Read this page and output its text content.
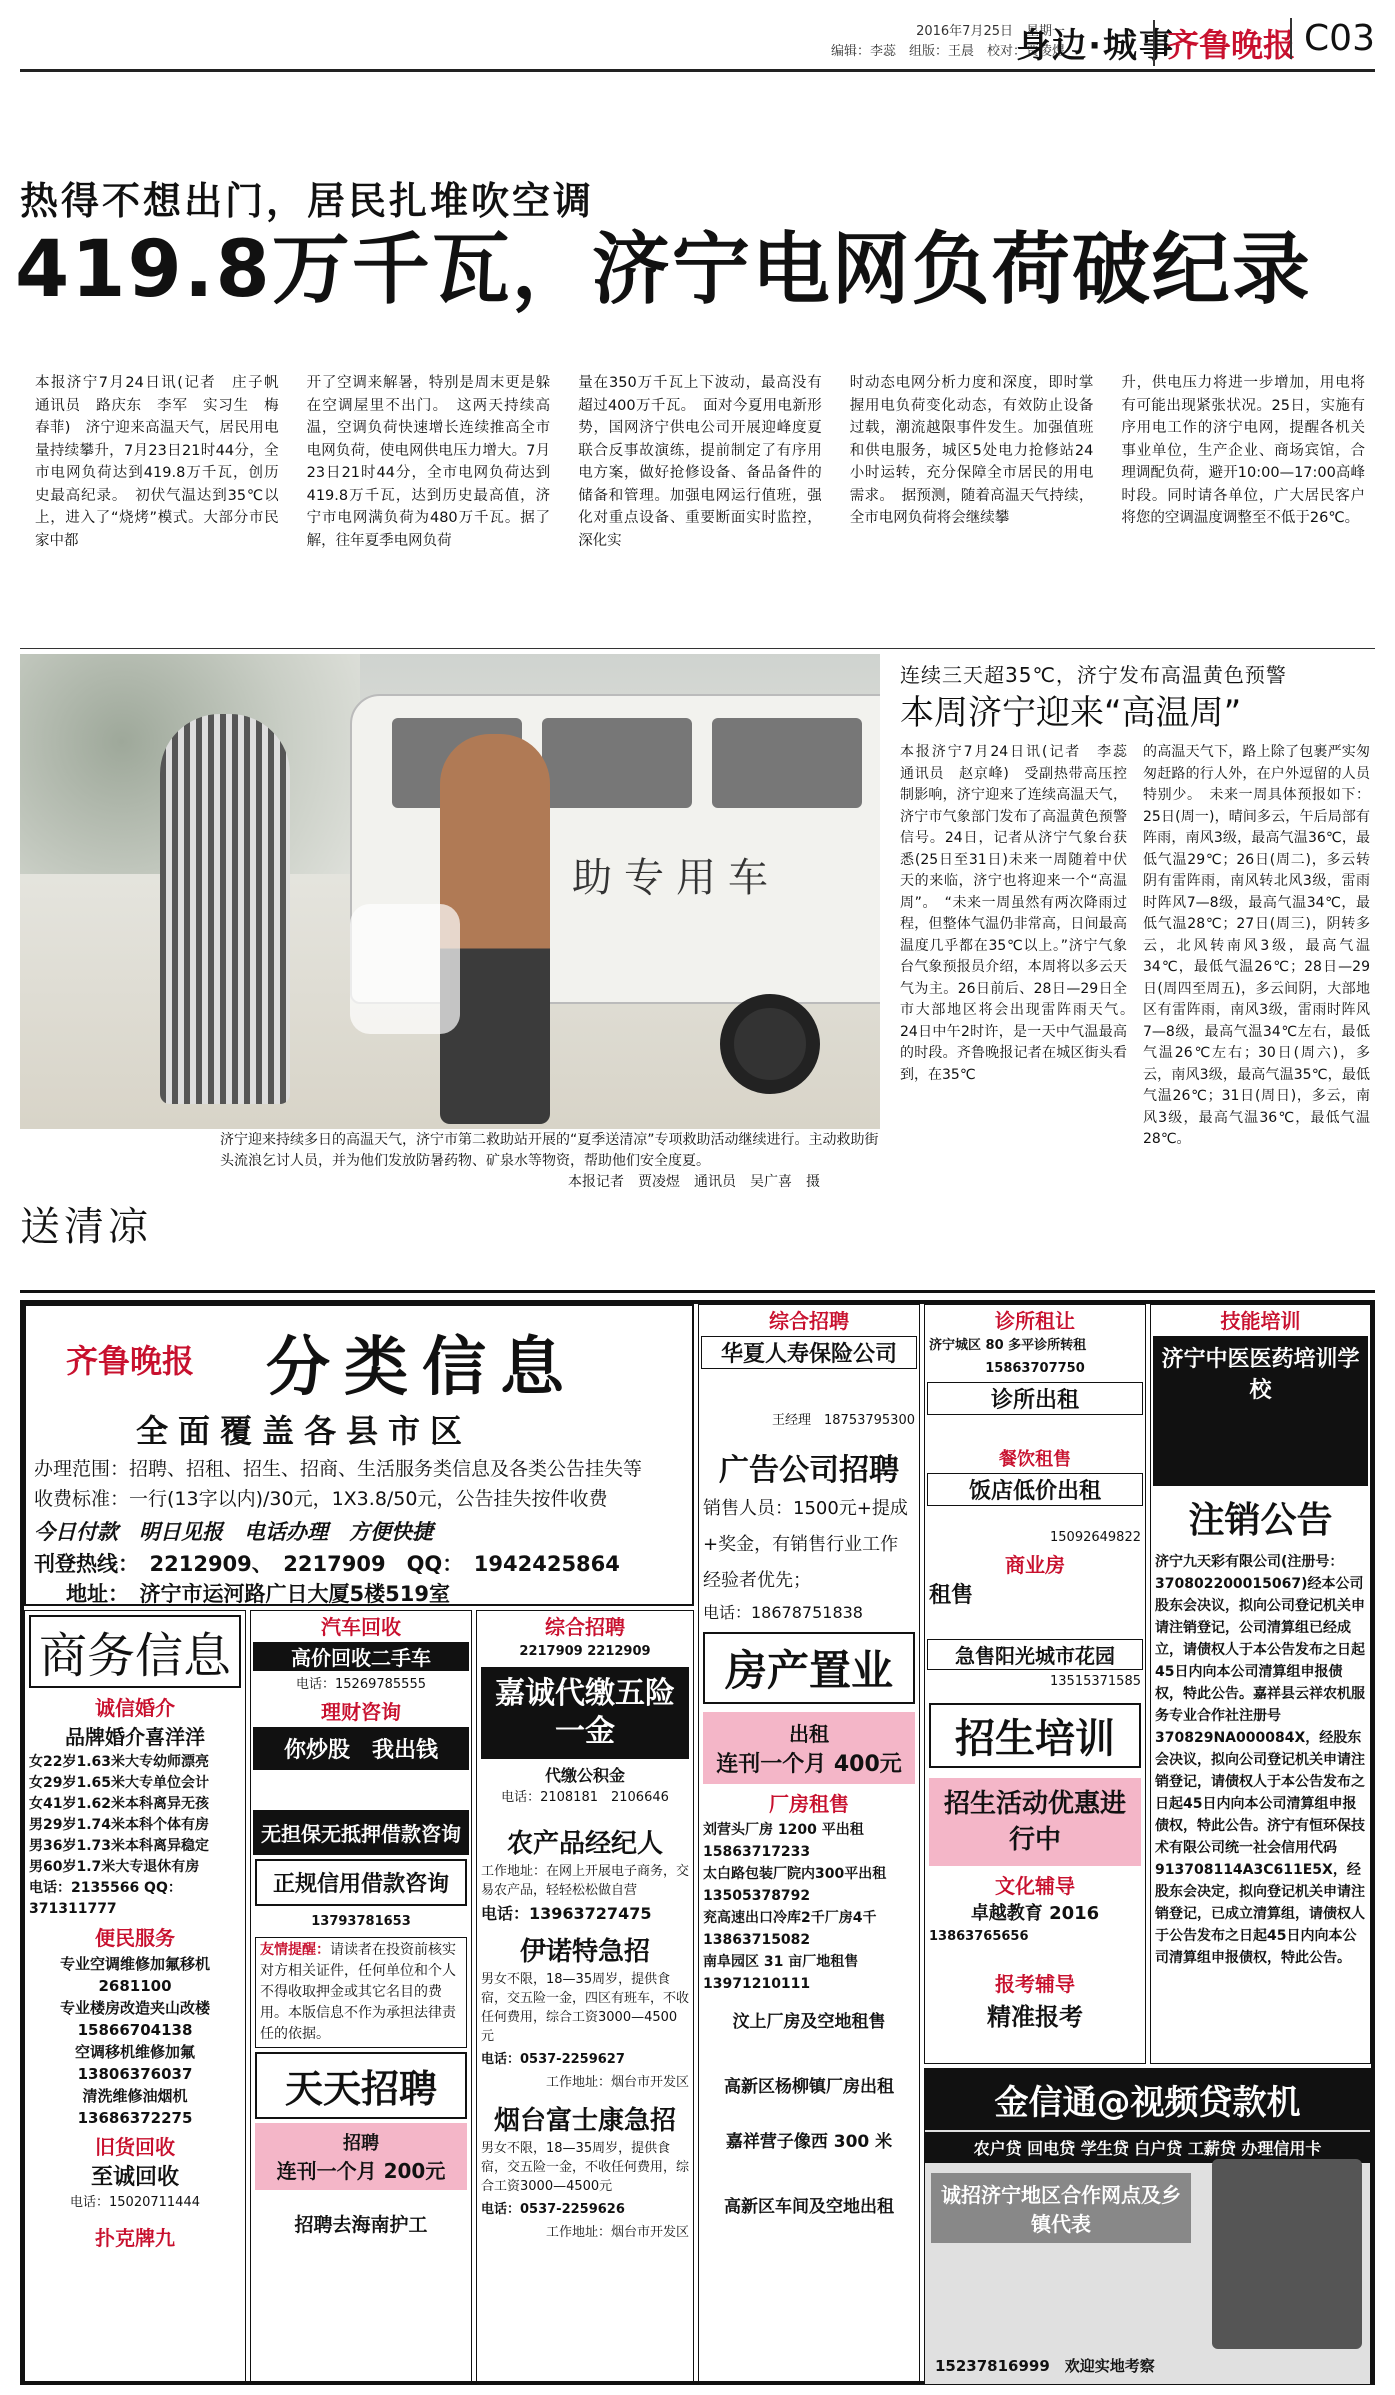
2016年7月25日　星期一
编辑：李蕊　组版：王晨　校对：贾凌煜
身边·城事
齐鲁晚报 C03
热得不想出门，居民扎堆吹空调
419.8万千瓦，济宁电网负荷破纪录
本报济宁7月24日讯(记者　庄子帆　通讯员　路庆东　李军　实习生　梅春菲)　济宁迎来高温天气，居民用电量持续攀升，7月23日21时44分，全市电网负荷达到419.8万千瓦，创历史最高纪录。　初伏气温达到35℃以上，进入了“烧烤”模式。大部分市民家中都
开了空调来解暑，特别是周末更是躲在空调屋里不出门。　这两天持续高温，空调负荷快速增长连续推高全市电网负荷，使电网供电压力增大。7月23日21时44分，全市电网负荷达到419.8万千瓦，达到历史最高值，济宁市电网满负荷为480万千瓦。据了解，往年夏季电网负荷
量在350万千瓦上下波动，最高没有超过400万千瓦。　面对今夏用电新形势，国网济宁供电公司开展迎峰度夏联合反事故演练，提前制定了有序用电方案，做好抢修设备、备品备件的储备和管理。加强电网运行值班，强化对重点设备、重要断面实时监控，深化实
时动态电网分析力度和深度，即时掌握用电负荷变化动态，有效防止设备过载，潮流越限事件发生。加强值班和供电服务，城区5处电力抢修站24小时运转，充分保障全市居民的用电需求。　据预测，随着高温天气持续，全市电网负荷将会继续攀
升，供电压力将进一步增加，用电将有可能出现紧张状况。25日，实施有序用电工作的济宁电网，提醒各机关事业单位，生产企业、商场宾馆，合理调配负荷，避开10:00—17:00高峰时段。同时请各单位，广大居民客户将您的空调温度调整至不低于26℃。
助专用车
送清凉
济宁迎来持续多日的高温天气，济宁市第二救助站开展的“夏季送清凉”专项救助活动继续进行。主动救助街头流浪乞讨人员，并为他们发放防暑药物、矿泉水等物资，帮助他们安全度夏。
本报记者　贾凌煜　通讯员　吴广喜　摄
连续三天超35℃，济宁发布高温黄色预警
本周济宁迎来“高温周”
本报济宁7月24日讯(记者　李蕊　通讯员　赵京峰)　受副热带高压控制影响，济宁迎来了连续高温天气，济宁市气象部门发布了高温黄色预警信号。24日，记者从济宁气象台获悉(25日至31日)未来一周随着中伏天的来临，济宁也将迎来一个“高温周”。　“未来一周虽然有两次降雨过程，但整体气温仍非常高，日间最高温度几乎都在35℃以上。”济宁气象台气象预报员介绍，本周将以多云天气为主。26日前后、28日—29日全市大部地区将会出现雷阵雨天气。　24日中午2时许，是一天中气温最高的时段。齐鲁晚报记者在城区街头看到，在35℃
的高温天气下，路上除了包裹严实匆匆赶路的行人外，在户外逗留的人员特别少。　未来一周具体预报如下：25日(周一)，晴间多云，午后局部有阵雨，南风3级，最高气温36℃，最低气温29℃；26日(周二)，多云转阴有雷阵雨，南风转北风3级，雷雨时阵风7—8级，最高气温34℃，最低气温28℃；27日(周三)，阴转多云，北风转南风3级，最高气温34℃，最低气温26℃；28日—29日(周四至周五)，多云间阴，大部地区有雷阵雨，南风3级，雷雨时阵风7—8级，最高气温34℃左右，最低气温26℃左右；30日(周六)，多云，南风3级，最高气温35℃，最低气温26℃；31日(周日)，多云，南风3级，最高气温36℃，最低气温28℃。
齐鲁晚报 分类信息
全面覆盖各县市区
办理范围：招聘、招租、招生、招商、生活服务类信息及各类公告挂失等
收费标准：一行(13字以内)/30元，1X3.8/50元，公告挂失按件收费
今日付款　明日见报　电话办理　方便快捷
刊登热线：　2212909、　2217909　QQ：　1942425864
地址：　济宁市运河路广日大厦5楼519室
商务信息
诚信婚介
品牌婚介喜洋洋
女22岁1.63米大专幼师漂亮
女29岁1.65米大专单位会计
女41岁1.62米本科离异无孩
男29岁1.74米本科个体有房
男36岁1.73米本科离异稳定
男60岁1.7米大专退休有房
电话：2135566 QQ：371311777
便民服务
专业空调维修加氟移机
2681100
专业楼房改造夹山改楼
15866704138
空调移机维修加氟
13806376037
清洗维修油烟机
13686372275
旧货回收
至诚回收
电话：15020711444
扑克牌九
汽车回收
高价回收二手车
电话：15269785555
理财咨询
你炒股　我出钱
无担保无抵押借款咨询
正规信用借款咨询
13793781653
友情提醒：请读者在投资前核实对方相关证件，任何单位和个人不得收取押金或其它名目的费用。本版信息不作为承担法律责任的依据。
天天招聘
招聘
连刊一个月 200元
招聘去海南护工
综合招聘
2217909 2212909
嘉诚代缴五险一金
代缴公积金
电话：2108181　2106646
农产品经纪人
工作地址：在网上开展电子商务，交易农产品，轻轻松松做自营
电话：13963727475
伊诺特急招
男女不限，18—35周岁，提供食宿，交五险一金，四区有班车，不收任何费用，综合工资3000—4500元
电话：0537-2259627
工作地址：烟台市开发区
烟台富士康急招
男女不限，18—35周岁，提供食宿，交五险一金，不收任何费用，综合工资3000—4500元
电话：0537-2259626
工作地址：烟台市开发区
综合招聘
华夏人寿保险公司
王经理　18753795300
广告公司招聘
销售人员：1500元+提成+奖金，有销售行业工作经验者优先；
电话：18678751838
房产置业
出租
连刊一个月 400元
厂房租售
刘营头厂房 1200 平出租
15863717233
太白路包装厂院内300平出租
13505378792
兖高速出口冷库2千厂房4千
13863715082
南阜园区 31 亩厂地租售
13971210111
汶上厂房及空地租售
高新区杨柳镇厂房出租
嘉祥营子像西 300 米
高新区车间及空地出租
诊所租让
济宁城区 80 多平诊所转租
15863707750
诊所出租
餐饮租售
饭店低价出租
15092649822
商业房
租售
急售阳光城市花园
13515371585
招生培训
招生活动优惠进行中
文化辅导
卓越教育 2016
13863765656
报考辅导
精准报考
技能培训
济宁中医医药培训学校
电话：13176763418
注销公告
济宁九天彩有限公司(注册号：370802200015067)经本公司股东会决议，拟向公司登记机关申请注销登记，公司清算组已经成立，请债权人于本公告发布之日起45日内向本公司清算组申报债权，特此公告。嘉祥县云祥农机服务专业合作社注册号370829NA000084X，经股东会决议，拟向公司登记机关申请注销登记，请债权人于本公告发布之日起45日内向本公司清算组申报债权，特此公告。济宁有恒环保技术有限公司统一社会信用代码913708114A3C611E5X，经股东会决定，拟向登记机关申请注销登记，已成立清算组，请债权人于公告发布之日起45日内向本公司清算组申报债权，特此公告。
金信通@视频贷款机
农户贷 回电贷 学生贷 白户贷 工薪贷 办理信用卡
诚招济宁地区合作网点及乡镇代表
15237816999　欢迎实地考察
